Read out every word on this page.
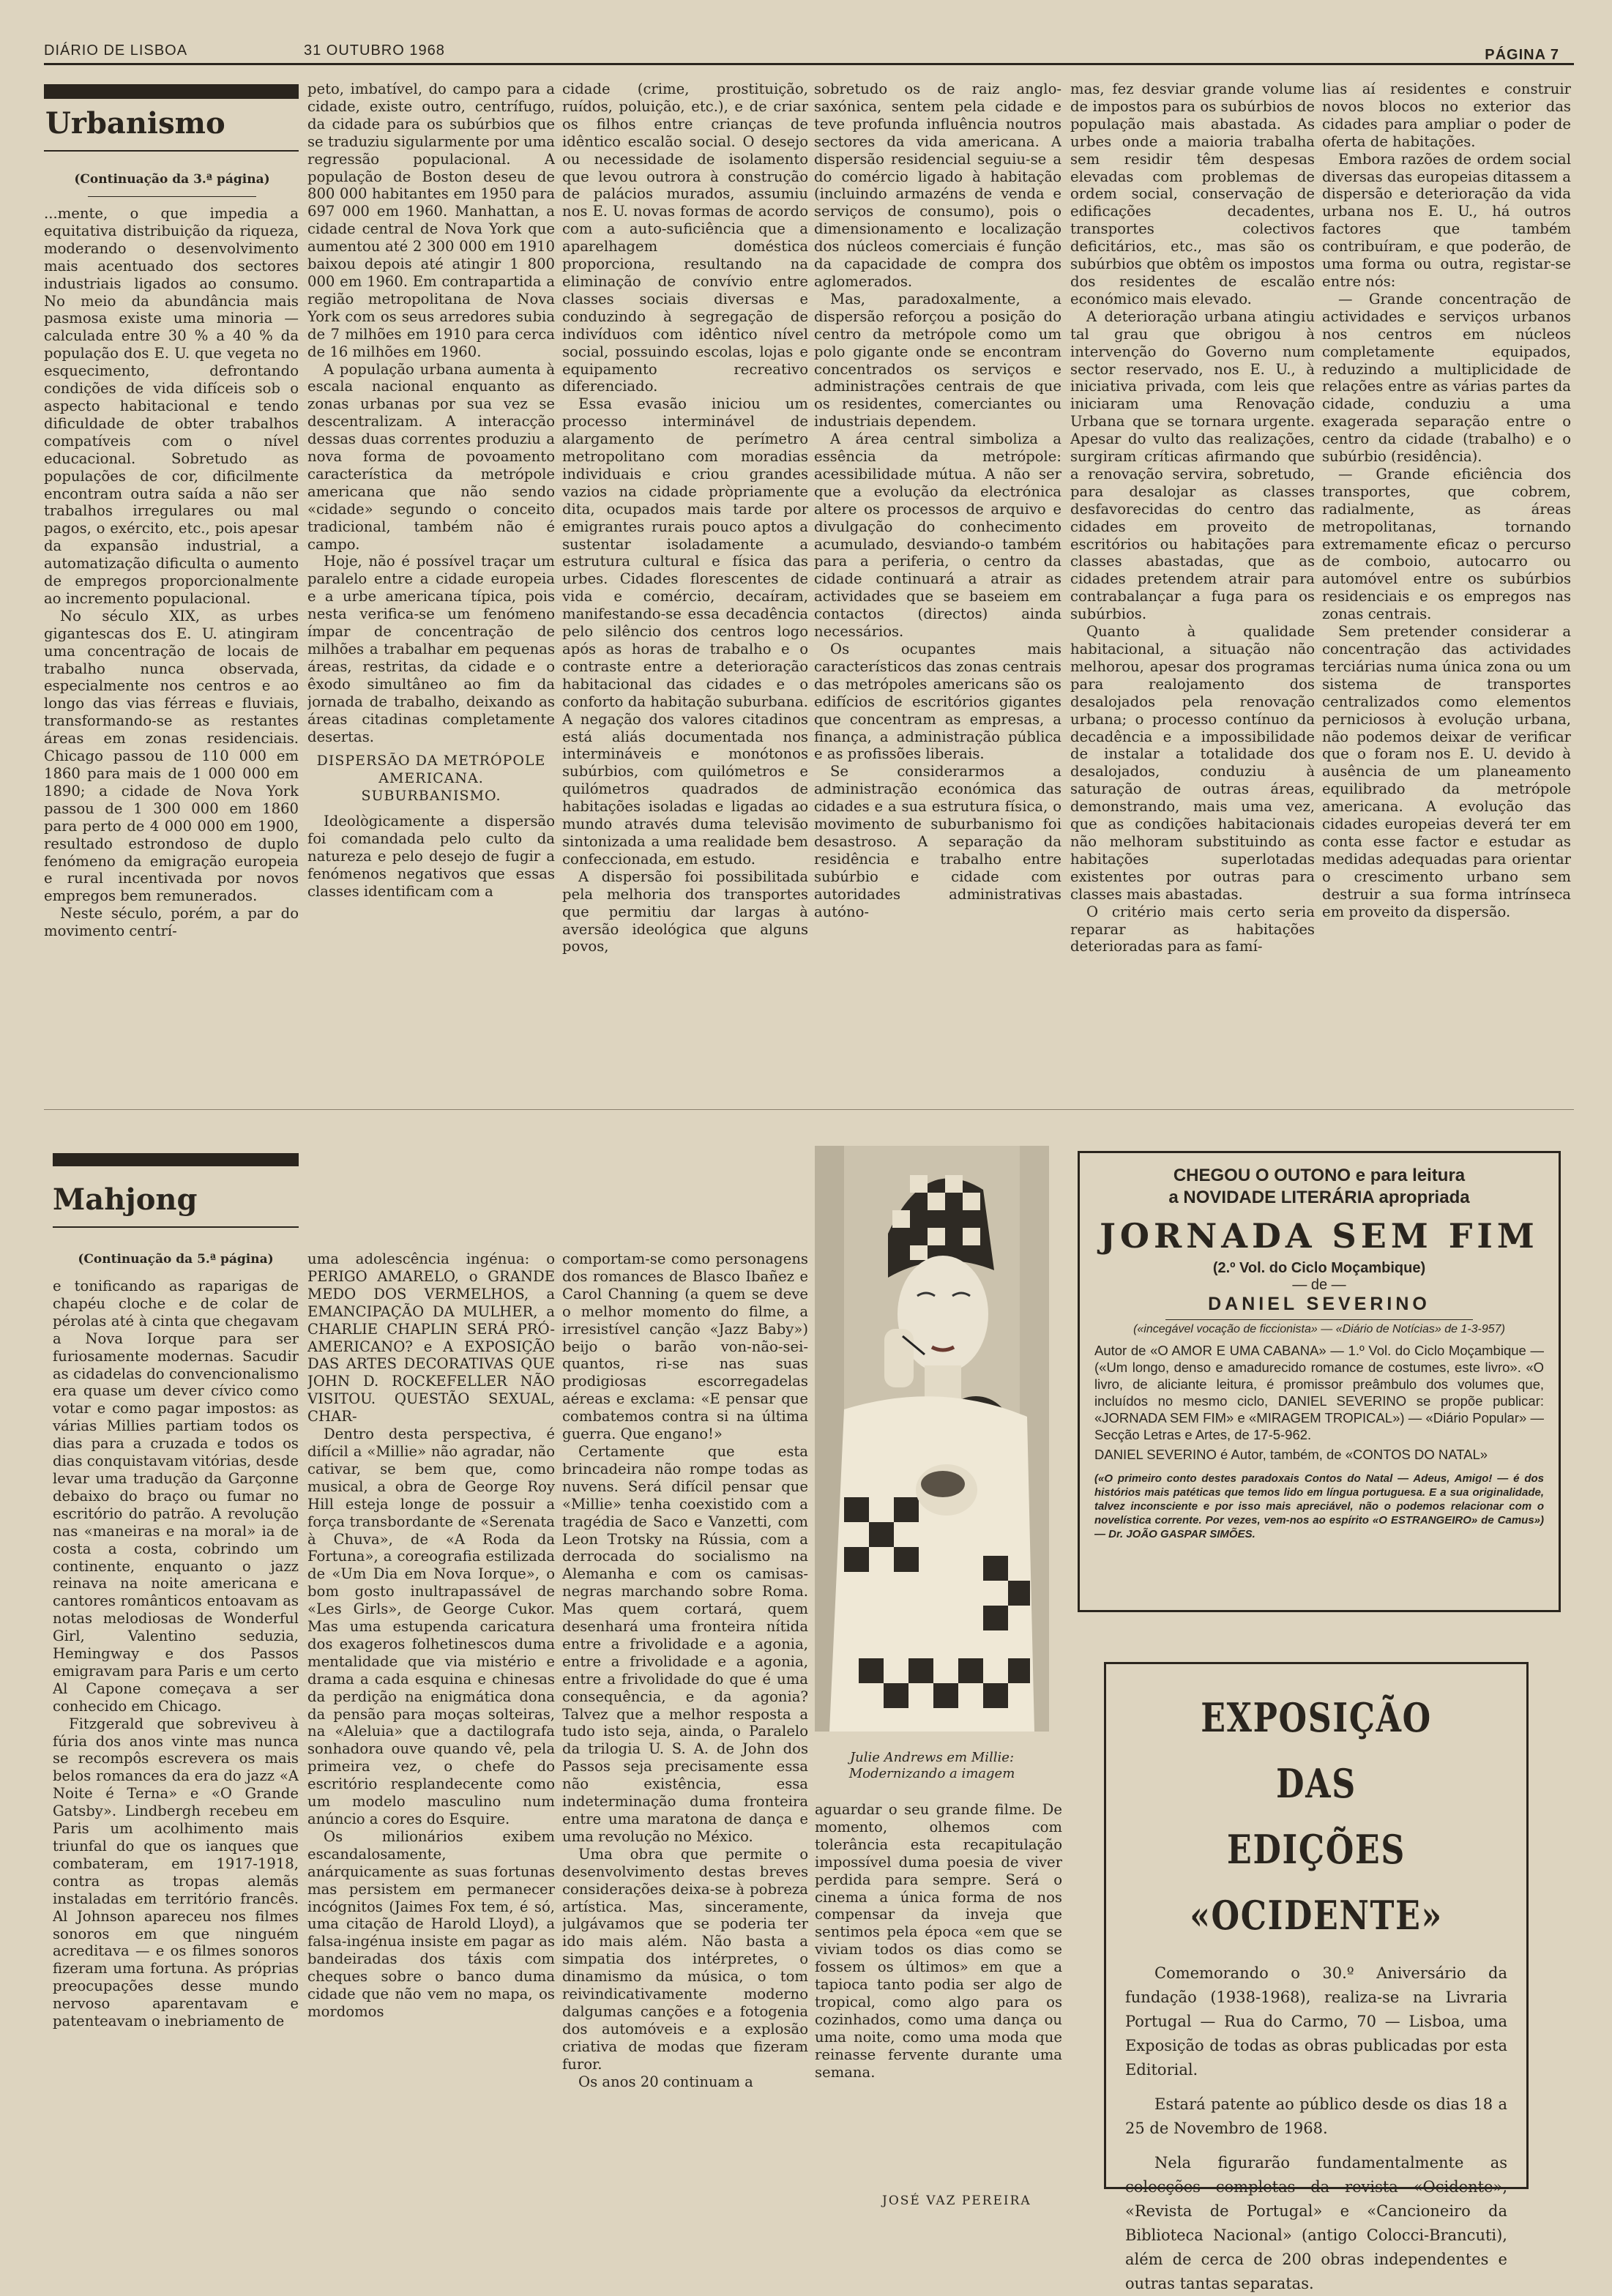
DIÁRIO DE LISBOA	31 OUTUBRO 1968	PÁGINA 7
Urbanismo
(Continuação da 3.ª página)

...mente, o que impedia a equitativa distribuição da riqueza, moderando o desenvolvimento mais acentuado dos sectores industriais ligados ao consumo. No meio da abundância mais pasmosa existe uma minoria — calculada entre 30 % a 40 % da população dos E. U. que vegeta no esquecimento, defrontando condições de vida difíceis sob o aspecto habitacional e tendo dificuldade de obter trabalhos compatíveis com o nível educacional. Sobretudo as populações de cor, dificilmente encontram outra saída a não ser trabalhos irregulares ou mal pagos, o exército, etc., pois apesar da expansão industrial, a automatização dificulta o aumento de empregos proporcionalmente ao incremento populacional.

No século XIX, as urbes gigantescas dos E. U. atingiram uma concentração de locais de trabalho nunca observada, especialmente nos centros e ao longo das vias férreas e fluviais, transformando-se as restantes áreas em zonas residenciais. Chicago passou de 110 000 em 1860 para mais de 1 000 000 em 1890; a cidade de Nova York passou de 1 300 000 em 1860 para perto de 4 000 000 em 1900, resultado estrondoso de duplo fenómeno da emigração europeia e rural incentivada por novos empregos bem remunerados.

Neste século, porém, a par do movimento centrí-

peto, imbatível, do campo para a cidade, existe outro, centrífugo, da cidade para os subúrbios que se traduziu sigularmente por uma regressão populacional. A população de Boston deseu de 800 000 habitantes em 1950 para 697 000 em 1960. Manhattan, a cidade central de Nova York que aumentou até 2 300 000 em 1910 baixou depois até atingir 1 800 000 em 1960. Em contrapartida a região metropolitana de Nova York com os seus arredores subia de 7 milhões em 1910 para cerca de 16 milhões em 1960.

A população urbana aumenta à escala nacional enquanto as zonas urbanas por sua vez se descentralizam. A interacção dessas duas correntes produziu a nova forma de povoamento característica da metrópole americana que não sendo «cidade» segundo o conceito tradicional, também não é campo.

Hoje, não é possível traçar um paralelo entre a cidade europeia e a urbe americana típica, pois nesta verifica-se um fenómeno ímpar de concentração de milhões a trabalhar em pequenas áreas, restritas, da cidade e o êxodo simultâneo ao fim da jornada de trabalho, deixando as áreas citadinas completamente desertas.

DISPERSÃO DA METRÓPOLE AMERICANA. SUBURBANISMO.

Ideològicamente a dispersão foi comandada pelo culto da natureza e pelo desejo de fugir a fenómenos negativos que essas classes identificam com a

cidade (crime, prostituição, ruídos, poluição, etc.), e de criar os filhos entre crianças de idêntico escalão social. O desejo ou necessidade de isolamento que levou outrora à construção de palácios murados, assumiu nos E. U. novas formas de acordo com a auto-suficiência que a aparelhagem doméstica proporciona, resultando na eliminação de convívio entre classes sociais diversas e conduzindo à segregação de indivíduos com idêntico nível social, possuindo escolas, lojas e equipamento recreativo diferenciado.

Essa evasão iniciou um processo interminável de alargamento de perímetro metropolitano com moradias individuais e criou grandes vazios na cidade pròpriamente dita, ocupados mais tarde por emigrantes rurais pouco aptos a sustentar isoladamente a estrutura cultural e física das urbes. Cidades florescentes de vida e comércio, decaíram, manifestando-se essa decadência pelo silêncio dos centros logo após as horas de trabalho e o contraste entre a deterioração habitacional das cidades e o conforto da habitação suburbana. A negação dos valores citadinos está aliás documentada nos intermináveis e monótonos subúrbios, com quilómetros e quilómetros quadrados de habitações isoladas e ligadas ao mundo através duma televisão sintonizada a uma realidade bem confeccionada, em estudo.

A dispersão foi possibilitada pela melhoria dos transportes que permitiu dar largas à aversão ideológica que alguns povos,

sobretudo os de raiz anglo-saxónica, sentem pela cidade e teve profunda influência noutros sectores da vida americana. A dispersão residencial seguiu-se a do comércio ligado à habitação (incluindo armazéns de venda e serviços de consumo), pois o dimensionamento e localização dos núcleos comerciais é função da capacidade de compra dos aglomerados.

Mas, paradoxalmente, a dispersão reforçou a posição do centro da metrópole como um polo gigante onde se encontram concentrados os serviços e administrações centrais de que os residentes, comerciantes ou industriais dependem.

A área central simboliza a essência da metrópole: acessibilidade mútua. A não ser que a evolução da electrónica altere os processos de arquivo e divulgação do conhecimento acumulado, desviando-o também para a periferia, o centro da cidade continuará a atrair as actividades que se baseiem em contactos (directos) ainda necessários.

Os ocupantes mais característicos das zonas centrais das metrópoles americans são os edifícios de escritórios gigantes que concentram as empresas, a finança, a administração pública e as profissões liberais.

Se considerarmos a administração económica das cidades e a sua estrutura física, o movimento de suburbanismo foi desastroso. A separação da residência e trabalho entre subúrbio e cidade com autoridades administrativas autóno-

mas, fez desviar grande volume de impostos para os subúrbios de população mais abastada. As urbes onde a maioria trabalha sem residir têm despesas elevadas com problemas de ordem social, conservação de edificações decadentes, transportes colectivos deficitários, etc., mas são os subúrbios que obtêm os impostos dos residentes de escalão económico mais elevado.

A deterioração urbana atingiu tal grau que obrigou à intervenção do Governo num sector reservado, nos E. U., à iniciativa privada, com leis que iniciaram uma Renovação Urbana que se tornara urgente. Apesar do vulto das realizações, surgiram críticas afirmando que a renovação servira, sobretudo, para desalojar as classes desfavorecidas do centro das cidades em proveito de escritórios ou habitações para classes abastadas, que as cidades pretendem atrair para contrabalançar a fuga para os subúrbios.

Quanto à qualidade habitacional, a situação não melhorou, apesar dos programas para realojamento dos desalojados pela renovação urbana; o processo contínuo da decadência e a impossibilidade de instalar a totalidade dos desalojados, conduziu à saturação de outras áreas, demonstrando, mais uma vez, que as condições habitacionais não melhoram substituindo as habitações superlotadas existentes por outras para classes mais abastadas.

O critério mais certo seria reparar as habitações deterioradas para as famí-

lias aí residentes e construir novos blocos no exterior das cidades para ampliar o poder de oferta de habitações.

Embora razões de ordem social diversas das europeias ditassem a dispersão e deterioração da vida urbana nos E. U., há outros factores que também contribuíram, e que poderão, de uma forma ou outra, registar-se entre nós:

— Grande concentração de actividades e serviços urbanos nos centros em núcleos completamente equipados, reduzindo a multiplicidade de relações entre as várias partes da cidade, conduziu a uma exagerada separação entre o centro da cidade (trabalho) e o subúrbio (residência).

— Grande eficiência dos transportes, que cobrem, radialmente, as áreas metropolitanas, tornando extremamente eficaz o percurso de comboio, autocarro ou automóvel entre os subúrbios residenciais e os empregos nas zonas centrais.

Sem pretender considerar a concentração das actividades terciárias numa única zona ou um sistema de transportes centralizados como elementos perniciosos à evolução urbana, não podemos deixar de verificar que o foram nos E. U. devido à ausência de um planeamento equilibrado da metrópole americana. A evolução das cidades europeias deverá ter em conta esse factor e estudar as medidas adequadas para orientar o crescimento urbano sem destruir a sua forma intrínseca em proveito da dispersão.

Mahjong
(Continuação da 5.ª página)

e tonificando as raparigas de chapéu cloche e de colar de pérolas até à cinta que chegavam a Nova Iorque para ser furiosamente modernas. Sacudir as cidadelas do convencionalismo era quase um dever cívico como votar e como pagar impostos: as várias Millies partiam todos os dias para a cruzada e todos os dias conquistavam vitórias, desde levar uma tradução da Garçonne debaixo do braço ou fumar no escritório do patrão. A revolução nas «maneiras e na moral» ia de costa a costa, cobrindo um continente, enquanto o jazz reinava na noite americana e cantores românticos entoavam as notas melodiosas de Wonderful Girl, Valentino seduzia, Hemingway e dos Passos emigravam para Paris e um certo Al Capone começava a ser conhecido em Chicago.

Fitzgerald que sobreviveu à fúria dos anos vinte mas nunca se recompôs escrevera os mais belos romances da era do jazz «A Noite é Terna» e «O Grande Gatsby». Lindbergh recebeu em Paris um acolhimento mais triunfal do que os ianques que combateram, em 1917-1918, contra as tropas alemãs instaladas em território francês. Al Johnson apareceu nos filmes sonoros em que ninguém acreditava — e os filmes sonoros fizeram uma fortuna. As próprias preocupações desse mundo nervoso aparentavam e patenteavam o inebriamento de

uma adolescência ingénua: o PERIGO AMARELO, o GRANDE MEDO DOS VERMELHOS, a EMANCIPAÇÃO DA MULHER, a CHARLIE CHAPLIN SERÁ PRÓ-AMERICANO? e A EXPOSIÇÃO DAS ARTES DECORATIVAS QUE JOHN D. ROCKEFELLER NÃO VISITOU. QUESTÃO SEXUAL, CHAR-

Dentro desta perspectiva, é difícil a «Millie» não agradar, não cativar, se bem que, como musical, a obra de George Roy Hill esteja longe de possuir a força transbordante de «Serenata à Chuva», de «A Roda da Fortuna», a coreografia estilizada de «Um Dia em Nova Iorque», o bom gosto inultrapassável de «Les Girls», de George Cukor. Mas uma estupenda caricatura dos exageros folhetinescos duma mentalidade que via mistério e drama a cada esquina e chinesas da perdição na enigmática dona da pensão para moças solteiras, na «Aleluia» que a dactilografa sonhadora ouve quando vê, pela primeira vez, o chefe do escritório resplandecente como um modelo masculino num anúncio a cores do Esquire.

Os milionários exibem escandalosamente, anárquicamente as suas fortunas mas persistem em permanecer incógnitos (Jaimes Fox tem, é só, uma citação de Harold Lloyd), a falsa-ingénua insiste em pagar as bandeiradas dos táxis com cheques sobre o banco duma cidade que não vem no mapa, os mordomos

comportam-se como personagens dos romances de Blasco Ibañez e Carol Channing (a quem se deve o melhor momento do filme, a irresistível canção «Jazz Baby») beijo o barão von-não-sei-quantos, ri-se nas suas prodigiosas escorregadelas aéreas e exclama: «E pensar que combatemos contra si na última guerra. Que engano!»

Certamente que esta brincadeira não rompe todas as nuvens. Será difícil pensar que «Millie» tenha coexistido com a tragédia de Saco e Vanzetti, com Leon Trotsky na Rússia, com a derrocada do socialismo na Alemanha e com os camisas-negras marchando sobre Roma. Mas quem cortará, quem desenhará uma fronteira nítida entre a frivolidade e a agonia, entre a frivolidade e a agonia, entre a frivolidade do que é uma consequência, e da agonia? Talvez que a melhor resposta a tudo isto seja, ainda, o Paralelo da trilogia U. S. A. de John dos Passos seja precisamente essa não existência, essa indeterminação duma fronteira entre uma maratona de dança e uma revolução no México.

Uma obra que permite o desenvolvimento destas breves considerações deixa-se à pobreza artística. Mas, sinceramente, julgávamos que se poderia ter ido mais além. Não basta a simpatia dos intérpretes, o dinamismo da música, o tom reivindicativamente moderno dalgumas canções e a fotogenia dos automóveis e a explosão criativa de modas que fizeram furor.

Os anos 20 continuam a

Julie Andrews em Millie: Modernizando a imagem

aguardar o seu grande filme. De momento, olhemos com tolerância esta recapitulação impossível duma poesia de viver perdida para sempre. Será o cinema a única forma de nos compensar da inveja que sentimos pela época «em que se viviam todos os dias como se fossem os últimos» em que a tapioca tanto podia ser algo de tropical, como algo para os cozinhados, como uma dança ou uma noite, como uma moda que reinasse fervente durante uma semana.

JOSÉ VAZ PEREIRA
CHEGOU O OUTONO e para leitura
a NOVIDADE LITERÁRIA apropriada
JORNADA SEM FIM
(2.º Vol. do Ciclo Moçambique)
— de —
DANIEL SEVERINO
(«incegável vocação de ficcionista» — «Diário de Notícias» de 1-3-957)
Autor de «O AMOR E UMA CABANA» — 1.º Vol. do Ciclo Moçambique — («Um longo, denso e amadurecido romance de costumes, este livro». «O livro, de aliciante leitura, é promissor preâmbulo dos volumes que, incluídos no mesmo ciclo, DANIEL SEVERINO se propõe publicar: «JORNADA SEM FIM» e «MIRAGEM TROPICAL») — «Diário Popular» — Secção Letras e Artes, de 17-5-962.
DANIEL SEVERINO é Autor, também, de «CONTOS DO NATAL»
(«O primeiro conto destes paradoxais Contos do Natal — Adeus, Amigo! — é dos histórios mais patéticas que temos lido em língua portuguesa. E a sua originalidade, talvez inconsciente e por isso mais apreciável, não o podemos relacionar com o novelística corrente. Por vezes, vem-nos ao espírito «O ESTRANGEIRO» de Camus») — Dr. JOÃO GASPAR SIMÕES.
EXPOSIÇÃO DAS
EDIÇÕES «OCIDENTE»

Comemorando o 30.º Aniversário da fundação (1938-1968), realiza-se na Livraria Portugal — Rua do Carmo, 70 — Lisboa, uma Exposição de todas as obras publicadas por esta Editorial.

Estará patente ao público desde os dias 18 a 25 de Novembro de 1968.

Nela figurarão fundamentalmente as colecções completas da revista «Ocidente», «Revista de Portugal» e «Cancioneiro da Biblioteca Nacional» (antigo Colocci-Brancuti), além de cerca de 200 obras independentes e outras tantas separatas.
